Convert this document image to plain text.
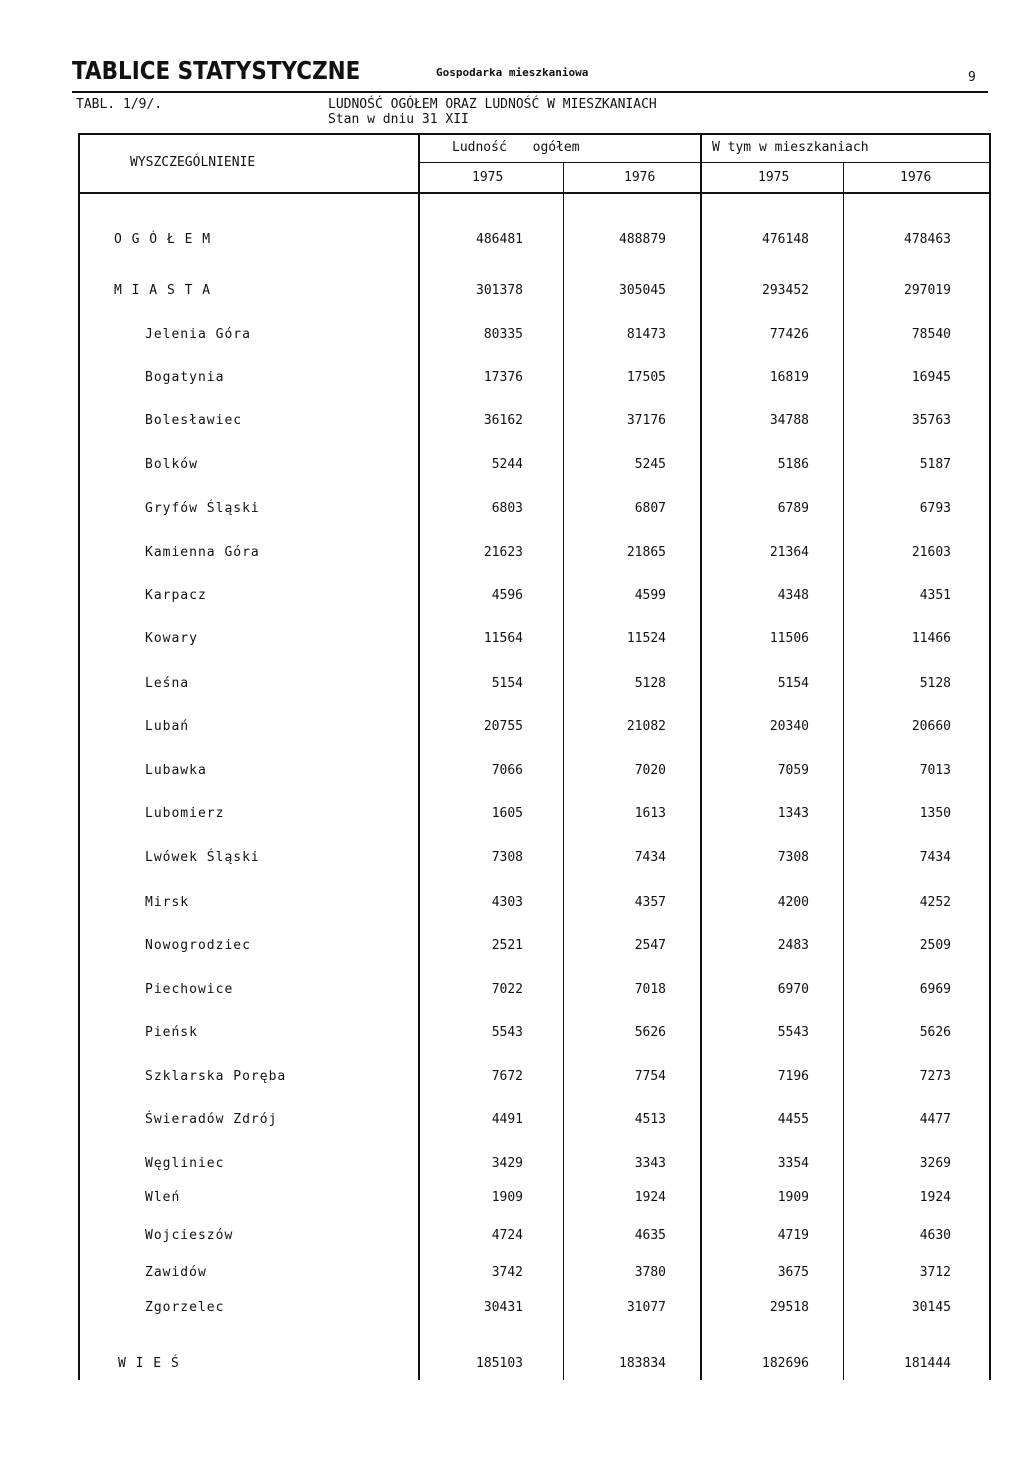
TABLICE STATYSTYCZNE	Gospodarka mieszkaniowa	9
TABL. 1/9/.	LUDNOŚĆ OGÓŁEM ORAZ LUDNOŚĆ W MIESZKANIACH
Stan w dniu 31 XII
WYSZCZEGÓLNIENIE
Ludność ogółem	W tym w mieszkaniach
1975	1976	1975	1976
O G Ó Ł E M	486481	488879	476148	478463
M I A S T A	301378	305045	293452	297019
Jelenia Góra	80335	81473	77426	78540
Bogatynia	17376	17505	16819	16945
Bolesławiec	36162	37176	34788	35763
Bolków	5244	5245	5186	5187
Gryfów Śląski	6803	6807	6789	6793
Kamienna Góra	21623	21865	21364	21603
Karpacz	4596	4599	4348	4351
Kowary	11564	11524	11506	11466
Leśna	5154	5128	5154	5128
Lubań	20755	21082	20340	20660
Lubawka	7066	7020	7059	7013
Lubomierz	1605	1613	1343	1350
Lwówek Śląski	7308	7434	7308	7434
Mirsk	4303	4357	4200	4252
Nowogrodziec	2521	2547	2483	2509
Piechowice	7022	7018	6970	6969
Pieńsk	5543	5626	5543	5626
Szklarska Poręba	7672	7754	7196	7273
Świeradów Zdrój	4491	4513	4455	4477
Węgliniec	3429	3343	3354	3269
Wleń	1909	1924	1909	1924
Wojcieszów	4724	4635	4719	4630
Zawidów	3742	3780	3675	3712
Zgorzelec	30431	31077	29518	30145
W I E Ś	185103	183834	182696	181444
